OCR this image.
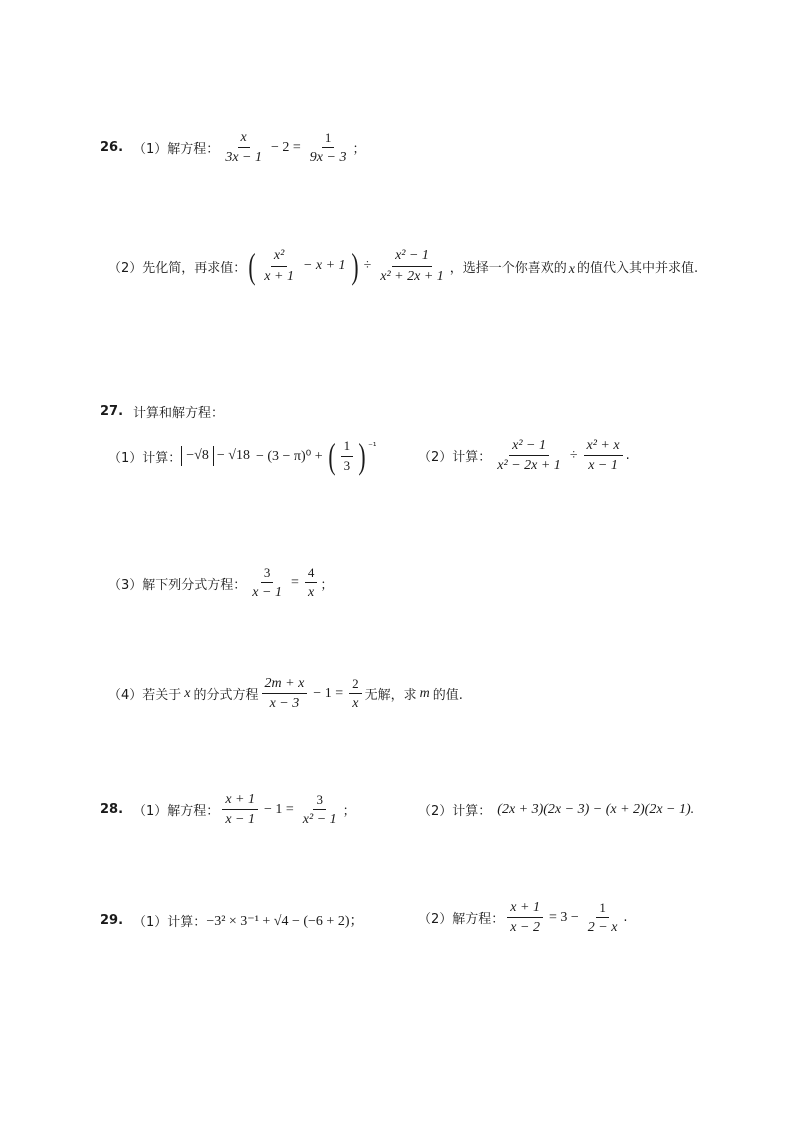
26. （1）解方程： $\frac{x}{3x - 1} - 2 = \frac{1}{9x - 3}$ ；
（2）先化简，再求值： ( $\frac{\text{x²}}{x + 1} - x + 1$ ) ÷ $\frac{\text{x² − 1}}{\text{x² + 2x + 1}}$ ，选择一个你喜欢的 x 的值代入其中并求值.
27. 计算和解方程：
（1）计算： −√8 − √18 − (3 − π)⁰ + ( $\frac{1}{3}$ ) ⁻¹
（2）计算： $\frac{\text{x² − 1}}{\text{x² − 2x + 1}} \div \frac{\text{x² + x}}{x - 1}$ .
（3）解下列分式方程： $\frac{3}{x - 1} = \frac{4}{x}$ ；
（4）若关于 x 的分式方程 $\frac{2m + x}{x - 3} - 1 = \frac{2}{x}$ 无解，求 m 的值.
28. （1）解方程： $\frac{x + 1}{x - 1} - 1 = \frac{3}{\text{x² − 1}}$ ；	（2）计算： (2x + 3)(2x − 3) − (x + 2)(2x − 1).
29. （1）计算： −3² × 3⁻¹ + √4 − (−6 + 2)；	（2）解方程： $\frac{x + 1}{x - 2} = 3 - \frac{1}{2 - x}$ .
